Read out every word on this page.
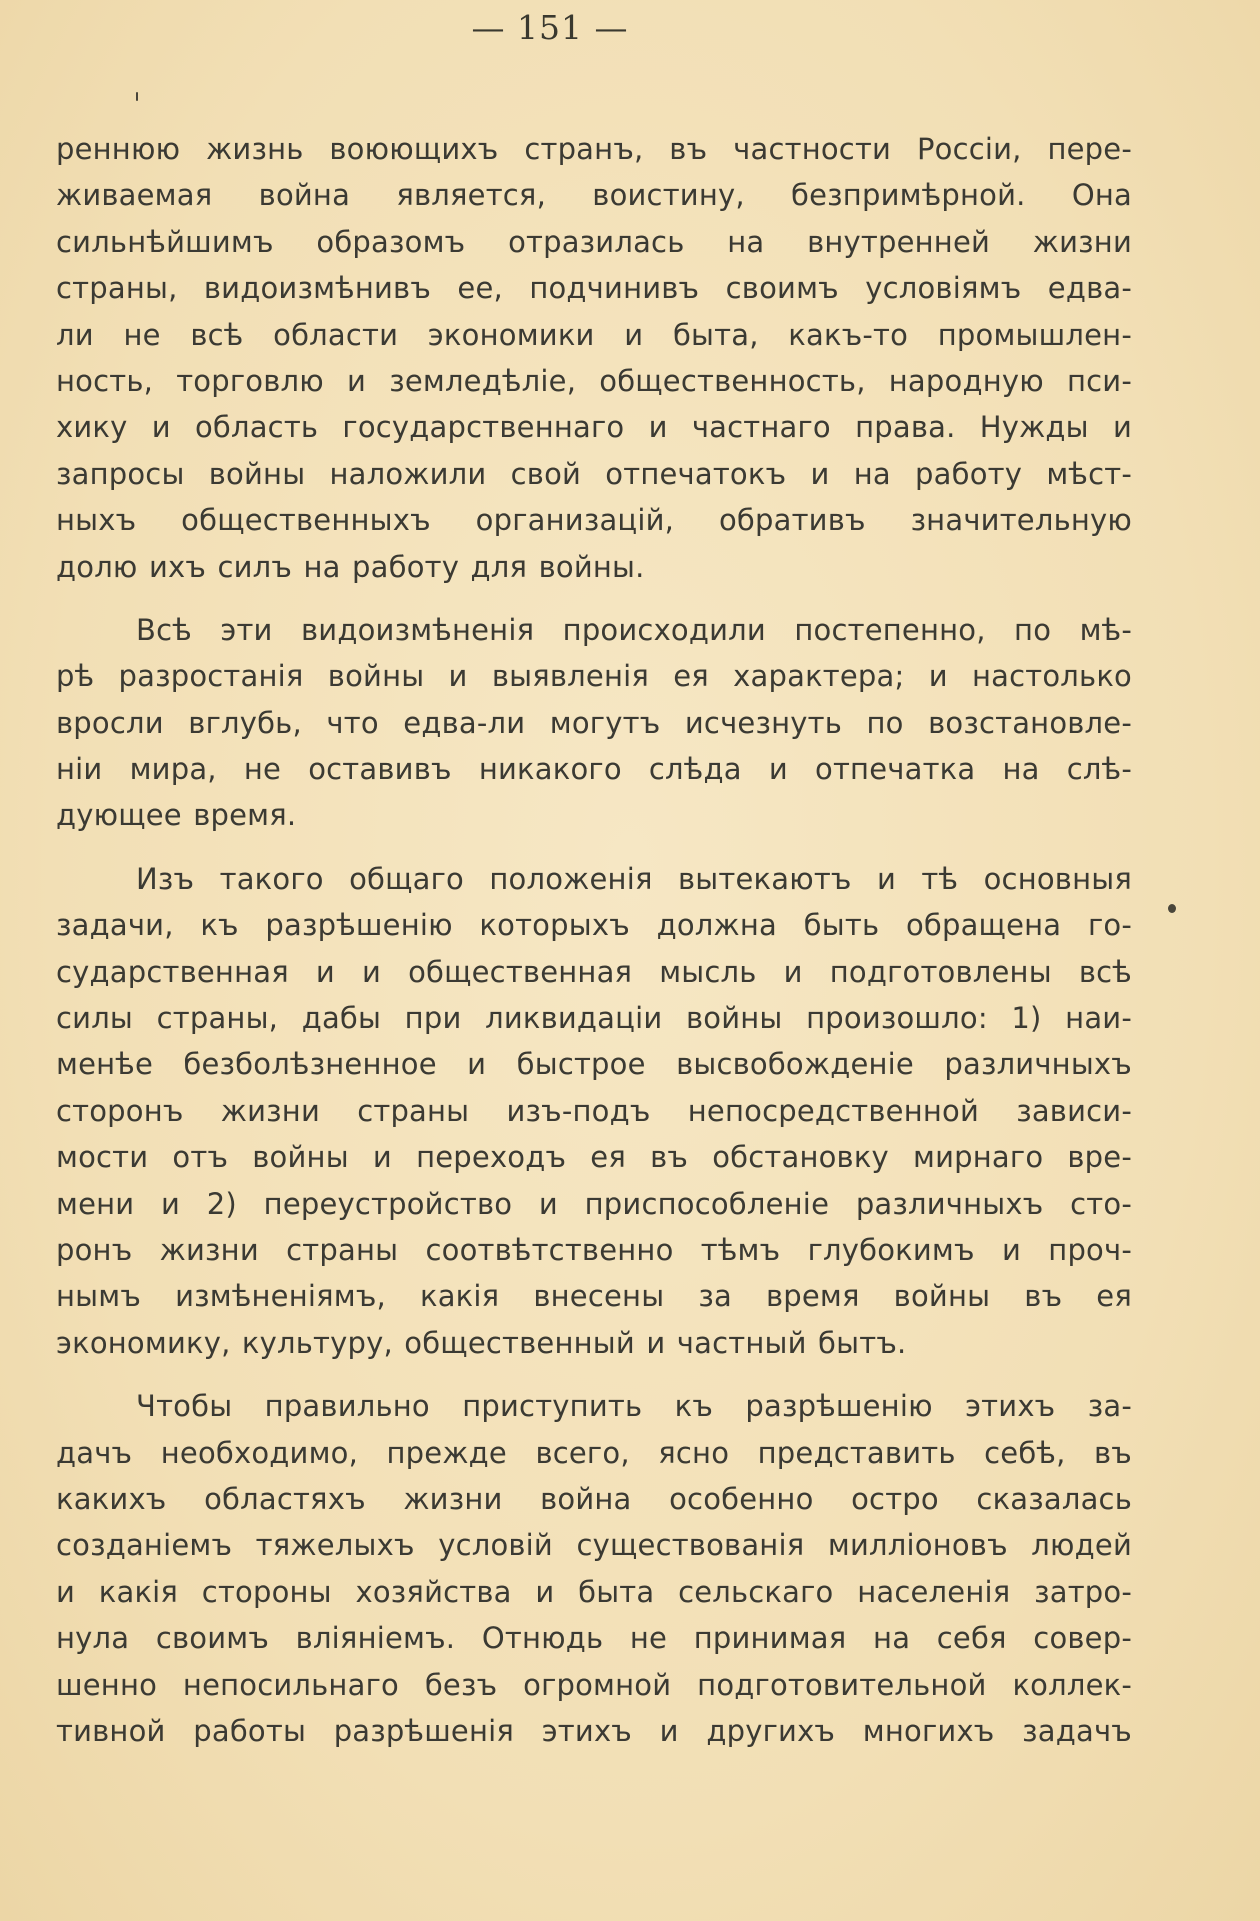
— 151 —
реннюю жизнь воюющихъ странъ, въ частности Россіи, пере-
живаемая война является, воистину, безпримѣрной. Она
сильнѣйшимъ образомъ отразилась на внутренней жизни
страны, видоизмѣнивъ ее, подчинивъ своимъ условіямъ едва-
ли не всѣ области экономики и быта, какъ-то промышлен-
ность, торговлю и земледѣліе, общественность, народную пси-
хику и область государственнаго и частнаго права. Нужды и
запросы войны наложили свой отпечатокъ и на работу мѣст-
ныхъ общественныхъ организацій, обративъ значительную
долю ихъ силъ на работу для войны.
Всѣ эти видоизмѣненія происходили постепенно, по мѣ-
рѣ разростанія войны и выявленія ея характера; и настолько
вросли вглубь, что едва-ли могутъ исчезнуть по возстановле-
ніи мира, не оставивъ никакого слѣда и отпечатка на слѣ-
дующее время.
Изъ такого общаго положенія вытекаютъ и тѣ основныя
задачи, къ разрѣшенію которыхъ должна быть обращена го-
сударственная и и общественная мысль и подготовлены всѣ
силы страны, дабы при ликвидаціи войны произошло: 1) наи-
менѣе безболѣзненное и быстрое высвобожденіе различныхъ
сторонъ жизни страны изъ-подъ непосредственной зависи-
мости отъ войны и переходъ ея въ обстановку мирнаго вре-
мени и 2) переустройство и приспособленіе различныхъ сто-
ронъ жизни страны соотвѣтственно тѣмъ глубокимъ и проч-
нымъ измѣненіямъ, какія внесены за время войны въ ея
экономику, культуру, общественный и частный бытъ.
Чтобы правильно приступить къ разрѣшенію этихъ за-
дачъ необходимо, прежде всего, ясно представить себѣ, въ
какихъ областяхъ жизни война особенно остро сказалась
созданіемъ тяжелыхъ условій существованія милліоновъ людей
и какія стороны хозяйства и быта сельскаго населенія затро-
нула своимъ вліяніемъ. Отнюдь не принимая на себя совер-
шенно непосильнаго безъ огромной подготовительной коллек-
тивной работы разрѣшенія этихъ и другихъ многихъ задачъ
